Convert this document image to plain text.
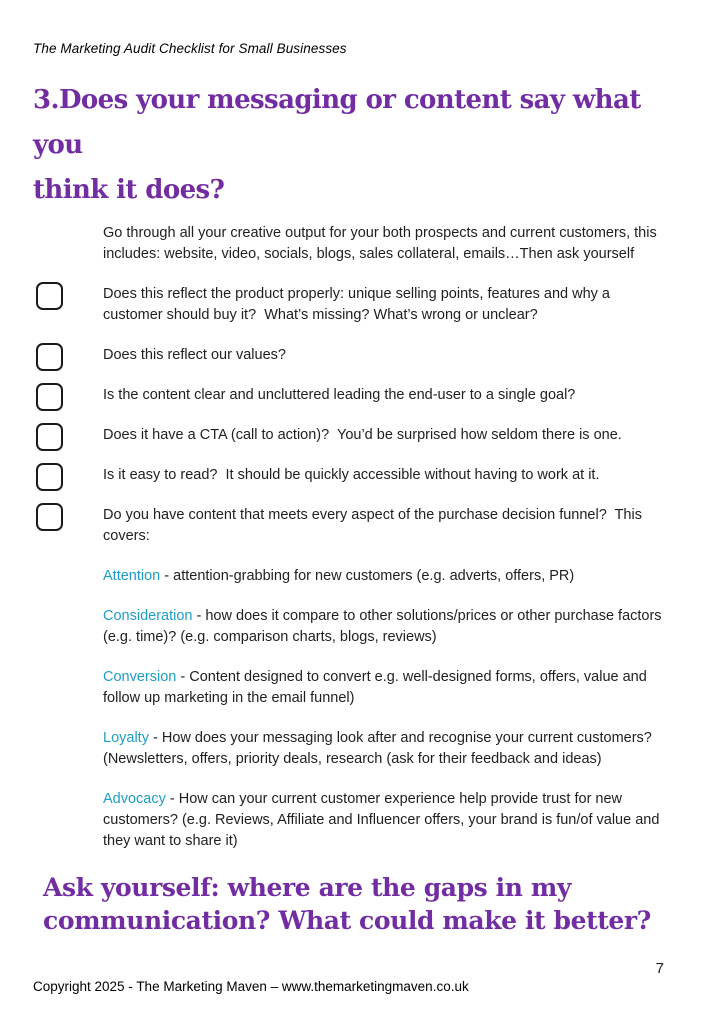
The Marketing Audit Checklist for Small Businesses
3.Does your messaging or content say what you
think it does?

Go through all your creative output for your both prospects and current customers, this includes: website, video, socials, blogs, sales collateral, emails…Then ask yourself

Does this reflect the product properly: unique selling points, features and why a customer should buy it?  What’s missing? What’s wrong or unclear?
Does this reflect our values?
Is the content clear and uncluttered leading the end-user to a single goal?
Does it have a CTA (call to action)?  You’d be surprised how seldom there is one.
Is it easy to read?  It should be quickly accessible without having to work at it.
Do you have content that meets every aspect of the purchase decision funnel?  This covers:

Attention - attention-grabbing for new customers (e.g. adverts, offers, PR)

Consideration - how does it compare to other solutions/prices or other purchase factors (e.g. time)? (e.g. comparison charts, blogs, reviews)

Conversion - Content designed to convert e.g. well-designed forms, offers, value and follow up marketing in the email funnel)

Loyalty - How does your messaging look after and recognise your current customers? (Newsletters, offers, priority deals, research (ask for their feedback and ideas)

Advocacy - How can your current customer experience help provide trust for new customers? (e.g. Reviews, Affiliate and Influencer offers, your brand is fun/of value and they want to share it)

Ask yourself: where are the gaps in my
communication? What could make it better?
Copyright 2025 - The Marketing Maven – www.themarketingmaven.co.uk
7
